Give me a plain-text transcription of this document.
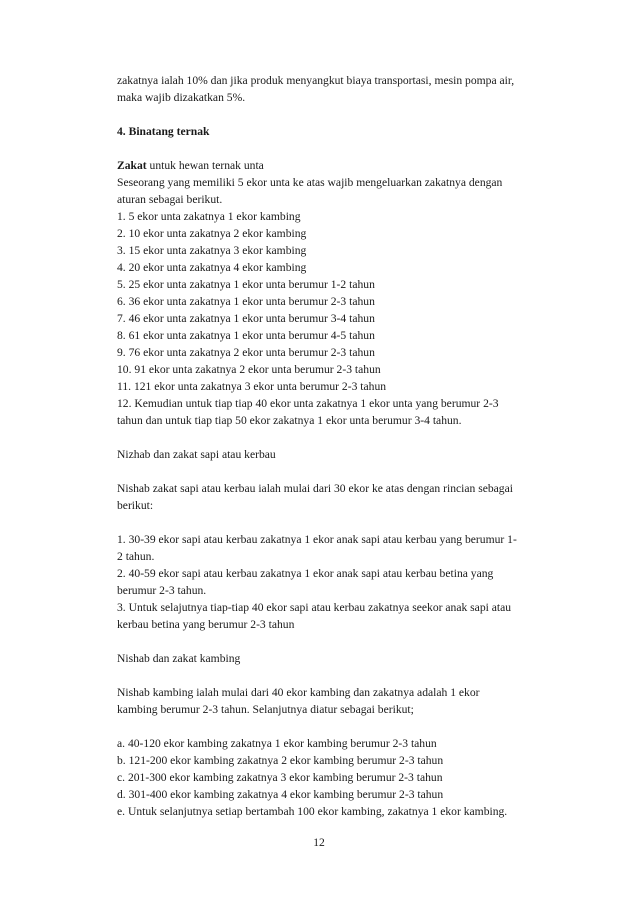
zakatnya ialah 10% dan jika produk menyangkut biaya transportasi, mesin pompa air,
maka wajib dizakatkan 5%.

4. Binatang ternak

Zakat untuk hewan ternak unta
Seseorang yang memiliki 5 ekor unta ke atas wajib mengeluarkan zakatnya dengan
aturan sebagai berikut.
1. 5 ekor unta zakatnya 1 ekor kambing
2. 10 ekor unta zakatnya 2 ekor kambing
3. 15 ekor unta zakatnya 3 ekor kambing
4. 20 ekor unta zakatnya 4 ekor kambing
5. 25 ekor unta zakatnya 1 ekor unta berumur 1-2 tahun
6. 36 ekor unta zakatnya 1 ekor unta berumur 2-3 tahun
7. 46 ekor unta zakatnya 1 ekor unta berumur 3-4 tahun
8. 61 ekor unta zakatnya 1 ekor unta berumur 4-5 tahun
9. 76 ekor unta zakatnya 2 ekor unta berumur 2-3 tahun
10. 91 ekor unta zakatnya 2 ekor unta berumur 2-3 tahun
11. 121 ekor unta zakatnya 3 ekor unta berumur 2-3 tahun
12. Kemudian untuk tiap tiap 40 ekor unta zakatnya 1 ekor unta yang berumur 2-3
tahun dan untuk tiap tiap 50 ekor zakatnya 1 ekor unta berumur 3-4 tahun.

Nizhab dan zakat sapi atau kerbau

Nishab zakat sapi atau kerbau ialah mulai dari 30 ekor ke atas dengan rincian sebagai
berikut:

1. 30-39 ekor sapi atau kerbau zakatnya 1 ekor anak sapi atau kerbau yang berumur 1-
2 tahun.
2. 40-59 ekor sapi atau kerbau zakatnya 1 ekor anak sapi atau kerbau betina yang
berumur 2-3 tahun.
3. Untuk selajutnya tiap-tiap 40 ekor sapi atau kerbau zakatnya seekor anak sapi atau
kerbau betina yang berumur 2-3 tahun

Nishab dan zakat kambing

Nishab kambing ialah mulai dari 40 ekor kambing dan zakatnya adalah 1 ekor
kambing berumur 2-3 tahun. Selanjutnya diatur sebagai berikut;

a. 40-120 ekor kambing zakatnya 1 ekor kambing berumur 2-3 tahun
b. 121-200 ekor kambing zakatnya 2 ekor kambing berumur 2-3 tahun
c. 201-300 ekor kambing zakatnya 3 ekor kambing berumur 2-3 tahun
d. 301-400 ekor kambing zakatnya 4 ekor kambing berumur 2-3 tahun
e. Untuk selanjutnya setiap bertambah 100 ekor kambing, zakatnya 1 ekor kambing.

12
